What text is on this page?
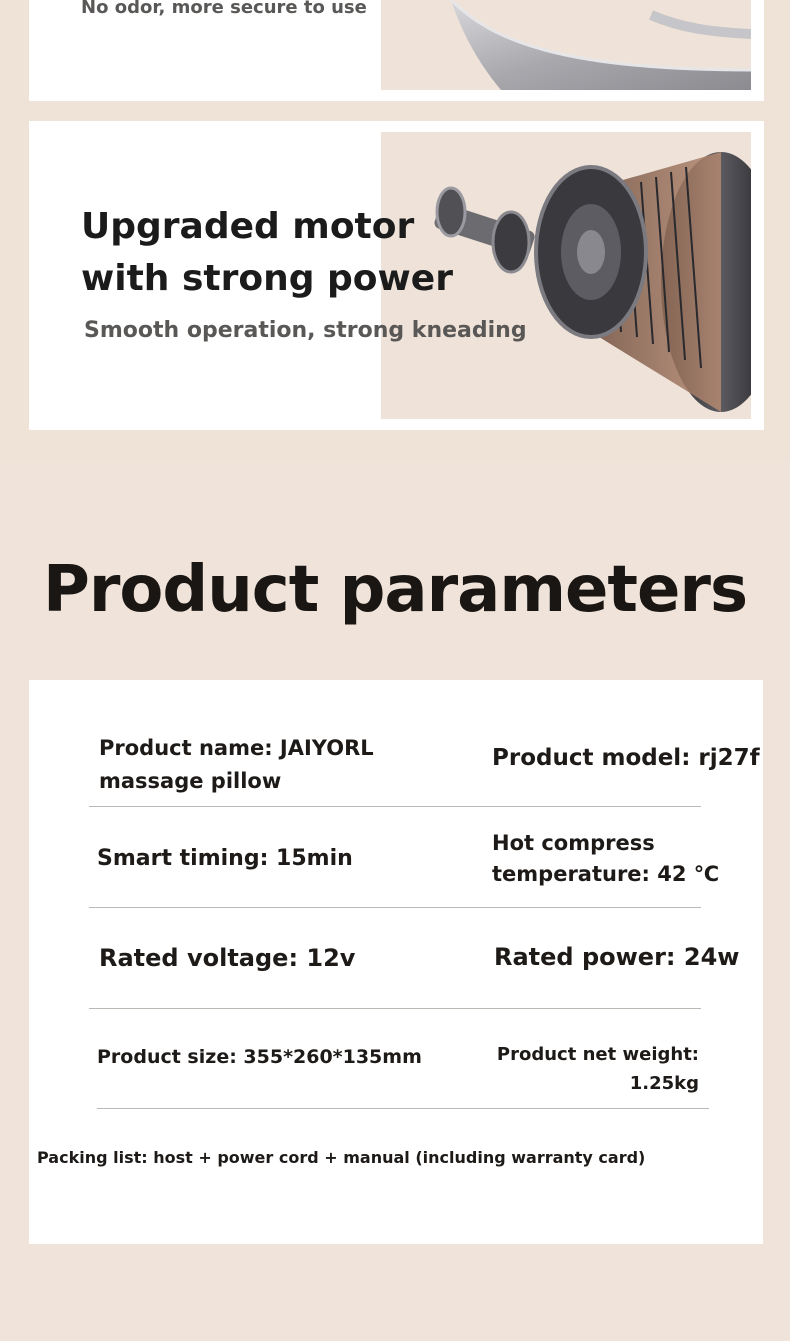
No odor, more secure to use
Upgraded motor with strong power
Smooth operation, strong kneading
Product parameters
Product name: JAIYORL massage pillow
Product model: rj27f
Smart timing: 15min
Hot compress temperature: 42 ℃
Rated voltage: 12v	Rated power: 24w
Product size: 355*260*135mm	Product net weight:
1.25kg
Packing list: host + power cord + manual (including warranty card)
